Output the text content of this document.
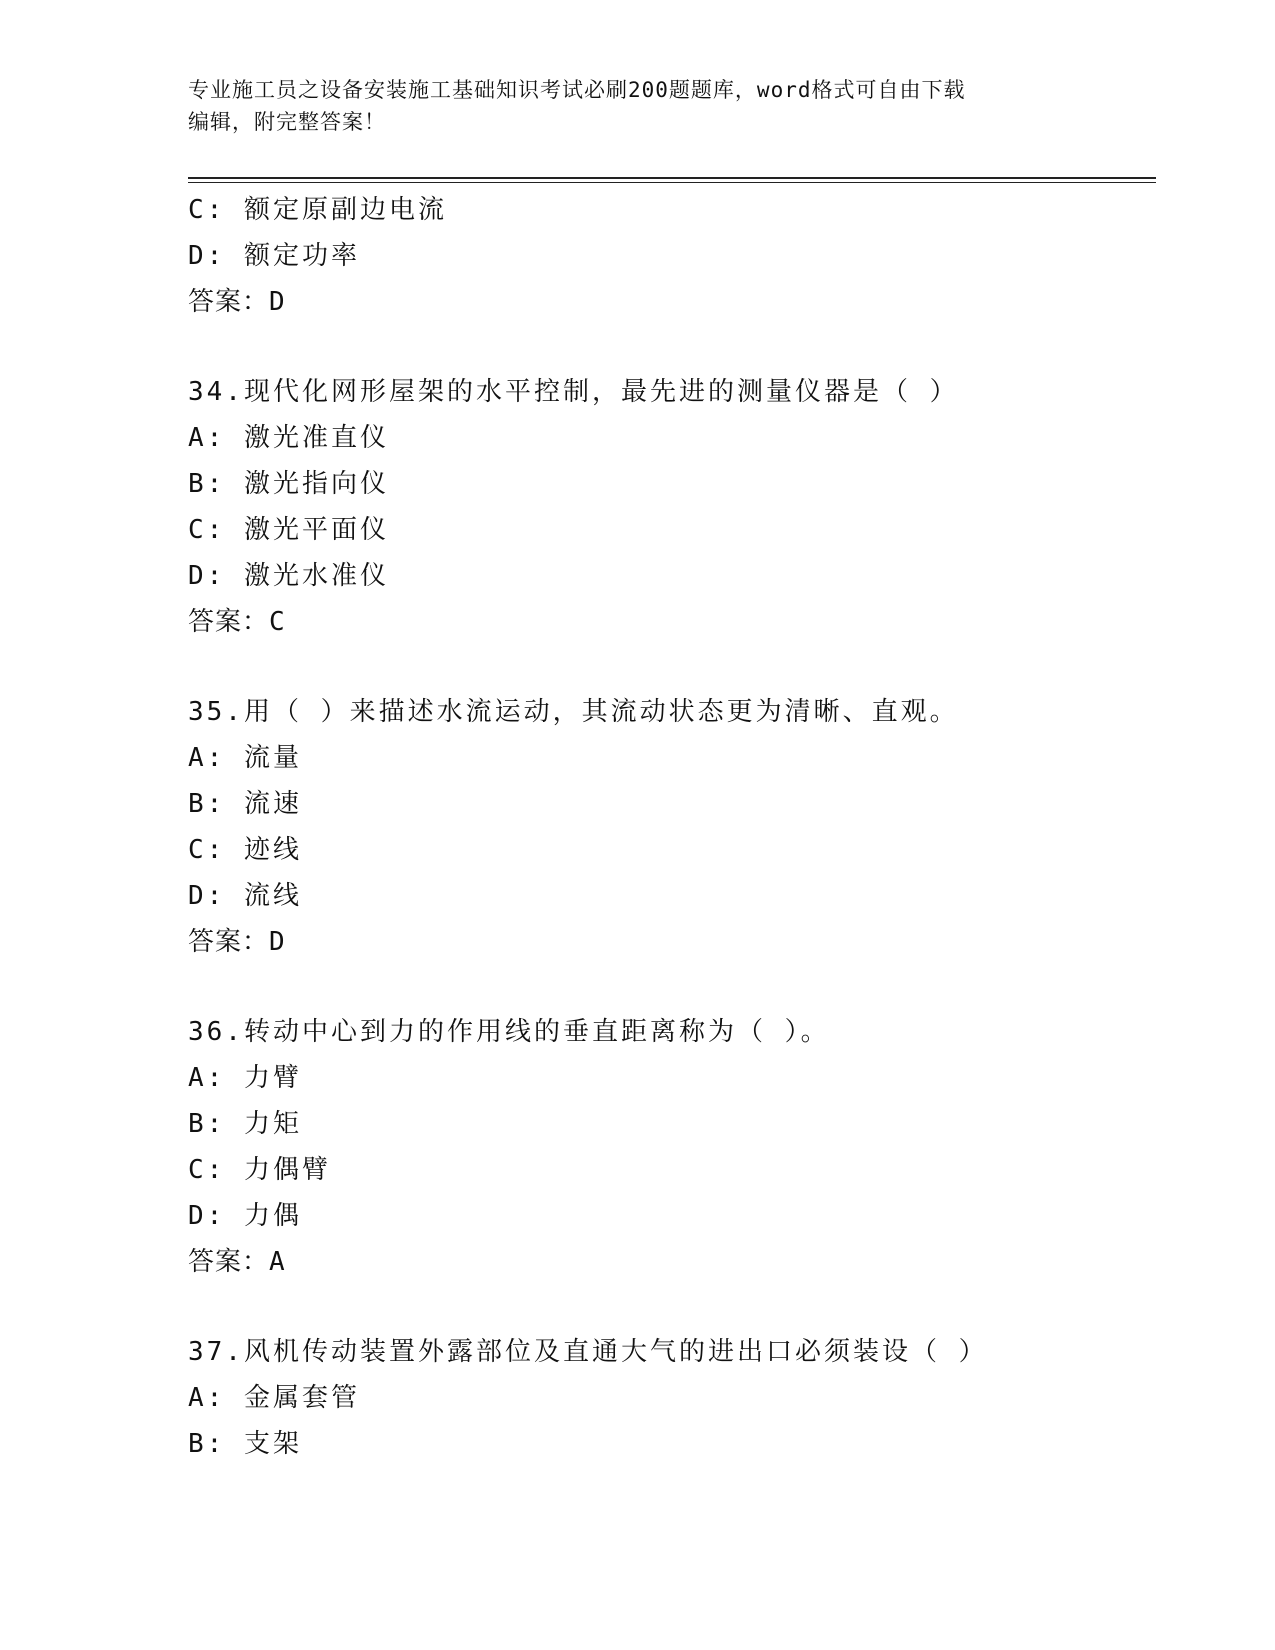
专业施工员之设备安装施工基础知识考试必刷200题题库，word格式可自由下载
编辑，附完整答案！
C: 额定原副边电流
D: 额定功率
答案：D
34.现代化网形屋架的水平控制，最先进的测量仪器是（ ）
A: 激光准直仪
B: 激光指向仪
C: 激光平面仪
D: 激光水准仪
答案：C
35.用（ ）来描述水流运动，其流动状态更为清晰、直观。
A: 流量
B: 流速
C: 迹线
D: 流线
答案：D
36.转动中心到力的作用线的垂直距离称为（ ）。
A: 力臂
B: 力矩
C: 力偶臂
D: 力偶
答案：A
37.风机传动装置外露部位及直通大气的进出口必须装设（ ）
A: 金属套管
B: 支架
